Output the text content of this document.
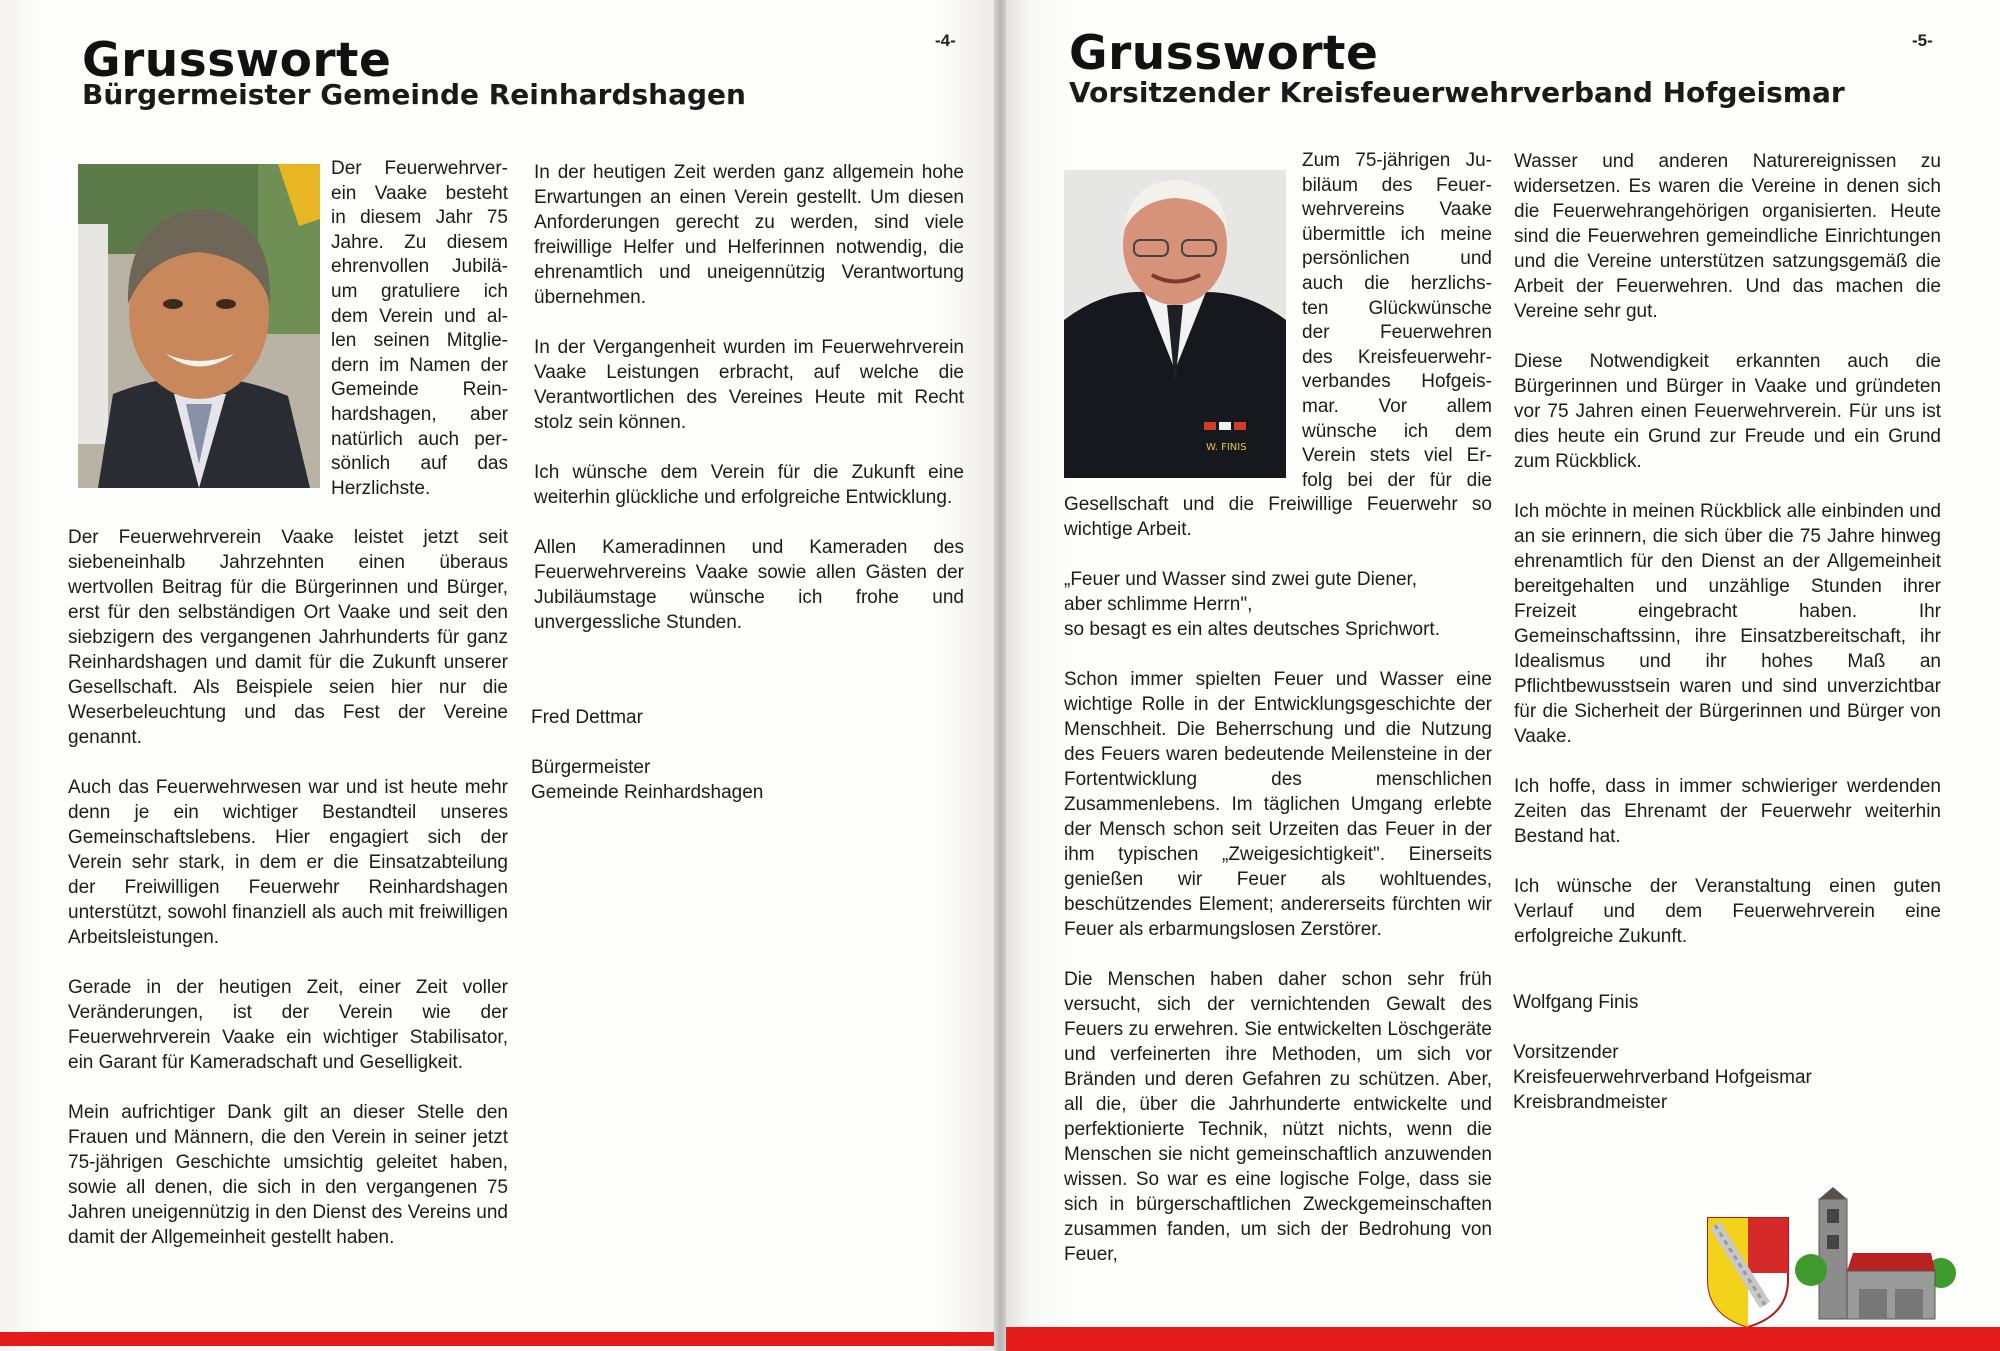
-4-
Grussworte
Bürgermeister Gemeinde Reinhardshagen
Der Feuerwehrver-
ein Vaake besteht
in diesem Jahr 75
Jahre. Zu diesem
ehrenvollen Jubilä-
um gratuliere ich
dem Verein und al-
len seinen Mitglie-
dern im Namen der
Gemeinde Rein-
hardshagen, aber
natürlich auch per-
sönlich auf das
Herzlichste.

Der Feuerwehrverein Vaake leistet jetzt seit siebeneinhalb Jahrzehnten einen überaus wertvollen Beitrag für die Bürgerinnen und Bürger, erst für den selbständigen Ort Vaake und seit den siebzigern des vergangenen Jahrhunderts für ganz Reinhardshagen und damit für die Zukunft unserer Gesellschaft. Als Beispiele seien hier nur die Weserbeleuchtung und das Fest der Vereine genannt.

Auch das Feuerwehrwesen war und ist heute mehr denn je ein wichtiger Bestandteil unseres Gemeinschaftslebens. Hier engagiert sich der Verein sehr stark, in dem er die Einsatzabteilung der Freiwilligen Feuerwehr Reinhardshagen unterstützt, sowohl finanziell als auch mit freiwilligen Arbeitsleistungen.

Gerade in der heutigen Zeit, einer Zeit voller Veränderungen, ist der Verein wie der Feuerwehrverein Vaake ein wichtiger Stabilisator, ein Garant für Kameradschaft und Geselligkeit.

Mein aufrichtiger Dank gilt an dieser Stelle den Frauen und Männern, die den Verein in seiner jetzt 75-jährigen Geschichte umsichtig geleitet haben, sowie all denen, die sich in den vergangenen 75 Jahren uneigennützig in den Dienst des Vereins und damit der Allgemeinheit gestellt haben.

In der heutigen Zeit werden ganz allgemein hohe Erwartungen an einen Verein gestellt. Um diesen Anforderungen gerecht zu werden, sind viele freiwillige Helfer und Helferinnen notwendig, die ehrenamtlich und uneigennützig Verantwortung übernehmen.

In der Vergangenheit wurden im Feuerwehrverein Vaake Leistungen erbracht, auf welche die Verantwortlichen des Vereines Heute mit Recht stolz sein können.

Ich wünsche dem Verein für die Zukunft eine weiterhin glückliche und erfolgreiche Entwicklung.

Allen Kameradinnen und Kameraden des Feuerwehrvereins Vaake sowie allen Gästen der Jubiläumstage wünsche ich frohe und unvergessliche Stunden.

Fred Dettmar

Bürgermeister
Gemeinde Reinhardshagen
-5-
Grussworte
Vorsitzender Kreisfeuerwehrverband Hofgeismar
W. FINIS
Zum 75-jährigen Ju-
biläum des Feuer-
wehrvereins Vaake
übermittle ich meine
persönlichen und
auch die herzlichs-
ten Glückwünsche
der Feuerwehren
des Kreisfeuerwehr-
verbandes Hofgeis-
mar. Vor allem
wünsche ich dem
Verein stets viel Er-
folg bei der für die

Gesellschaft und die Freiwillige Feuerwehr so wichtige Arbeit.

„Feuer und Wasser sind zwei gute Diener,
aber schlimme Herrn",
so besagt es ein altes deutsches Sprichwort.

Schon immer spielten Feuer und Wasser eine wichtige Rolle in der Entwicklungsgeschichte der Menschheit. Die Beherrschung und die Nutzung des Feuers waren bedeutende Meilensteine in der Fortentwicklung des menschlichen Zusammenlebens. Im täglichen Umgang erlebte der Mensch schon seit Urzeiten das Feuer in der ihm typischen „Zweigesichtigkeit". Einerseits genießen wir Feuer als wohltuendes, beschützendes Element; andererseits fürchten wir Feuer als erbarmungslosen Zerstörer.

Die Menschen haben daher schon sehr früh versucht, sich der vernichtenden Gewalt des Feuers zu erwehren. Sie entwickelten Löschgeräte und verfeinerten ihre Methoden, um sich vor Bränden und deren Gefahren zu schützen. Aber, all die, über die Jahrhunderte entwickelte und perfektionierte Technik, nützt nichts, wenn die Menschen sie nicht gemeinschaftlich anzuwenden wissen. So war es eine logische Folge, dass sie sich in bürgerschaftlichen Zweckgemeinschaften zusammen fanden, um sich der Bedrohung von Feuer,

Wasser und anderen Naturereignissen zu widersetzen. Es waren die Vereine in denen sich die Feuerwehrangehörigen organisierten. Heute sind die Feuerwehren gemeindliche Einrichtungen und die Vereine unterstützen satzungsgemäß die Arbeit der Feuerwehren. Und das machen die Vereine sehr gut.

Diese Notwendigkeit erkannten auch die Bürgerinnen und Bürger in Vaake und gründeten vor 75 Jahren einen Feuerwehrverein. Für uns ist dies heute ein Grund zur Freude und ein Grund zum Rückblick.

Ich möchte in meinen Rückblick alle einbinden und an sie erinnern, die sich über die 75 Jahre hinweg ehrenamtlich für den Dienst an der Allgemeinheit bereitgehalten und unzählige Stunden ihrer Freizeit eingebracht haben. Ihr Gemeinschaftssinn, ihre Einsatzbereitschaft, ihr Idealismus und ihr hohes Maß an Pflichtbewusstsein waren und sind unverzichtbar für die Sicherheit der Bürgerinnen und Bürger von Vaake.

Ich hoffe, dass in immer schwieriger werdenden Zeiten das Ehrenamt der Feuerwehr weiterhin Bestand hat.

Ich wünsche der Veranstaltung einen guten Verlauf und dem Feuerwehrverein eine erfolgreiche Zukunft.

Wolfgang Finis

Vorsitzender
Kreisfeuerwehrverband Hofgeismar
Kreisbrandmeister
